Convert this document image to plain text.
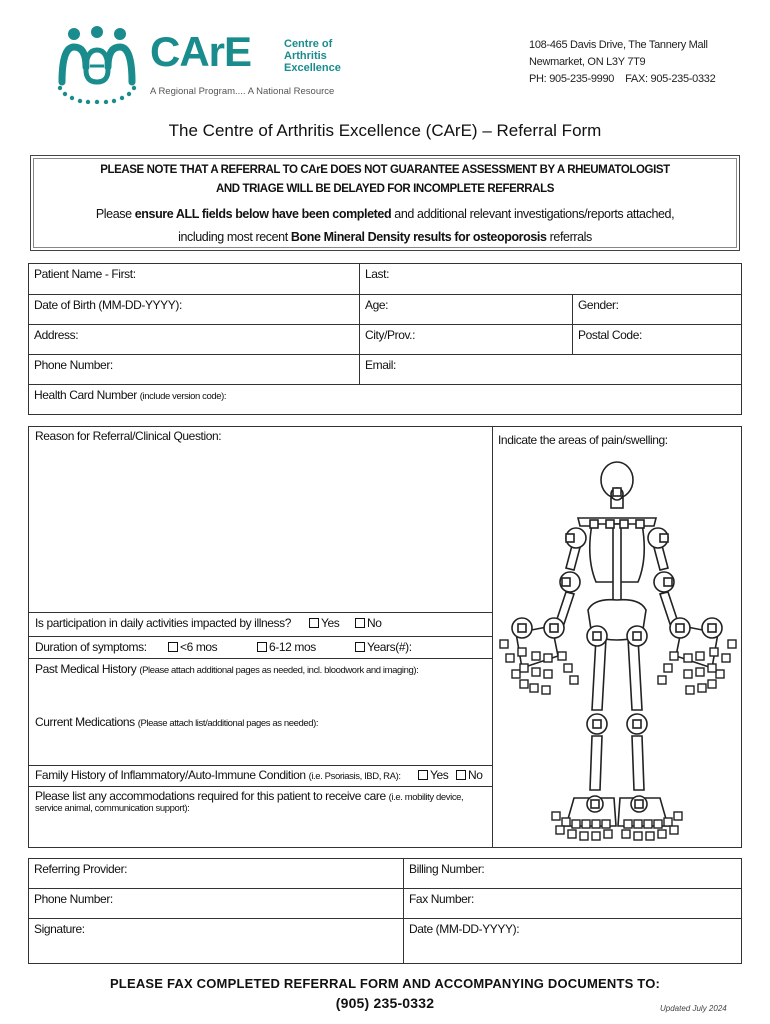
CArE	Centre of
Arthritis
Excellence
A Regional Program.... A National Resource
108-465 Davis Drive, The Tannery Mall
Newmarket, ON L3Y 7T9
PH: 905-235-9990    FAX: 905-235-0332
The Centre of Arthritis Excellence (CArE) – Referral Form
PLEASE NOTE THAT A REFERRAL TO CArE DOES NOT GUARANTEE ASSESSMENT BY A RHEUMATOLOGIST
AND TRIAGE WILL BE DELAYED FOR INCOMPLETE REFERRALS
Please ensure ALL fields below have been completed and additional relevant investigations/reports attached,
including most recent Bone Mineral Density results for osteoporosis referrals
Patient Name - First:	Last:
Date of Birth (MM-DD-YYYY):	Age:	Gender:
Address:	City/Prov.:	Postal Code:
Phone Number:	Email:
Health Card Number (include version code):
Reason for Referral/Clinical Question:	Indicate the areas of pain/swelling:
Is participation in daily activities impacted by illness?	Yes	No
Duration of symptoms:	<6 mos	6-12 mos	Years(#):
Past Medical History (Please attach additional pages as needed, incl. bloodwork and imaging):
Current Medications (Please attach list/additional pages as needed):
Family History of Inflammatory/Auto-Immune Condition (i.e. Psoriasis, IBD, RA):	Yes	No
Please list any accommodations required for this patient to receive care (i.e. mobility device,
service animal, communication support):
Referring Provider:	Billing Number:
Phone Number:	Fax Number:
Signature:	Date (MM-DD-YYYY):
PLEASE FAX COMPLETED REFERRAL FORM AND ACCOMPANYING DOCUMENTS TO:
(905) 235-0332	Updated July 2024
